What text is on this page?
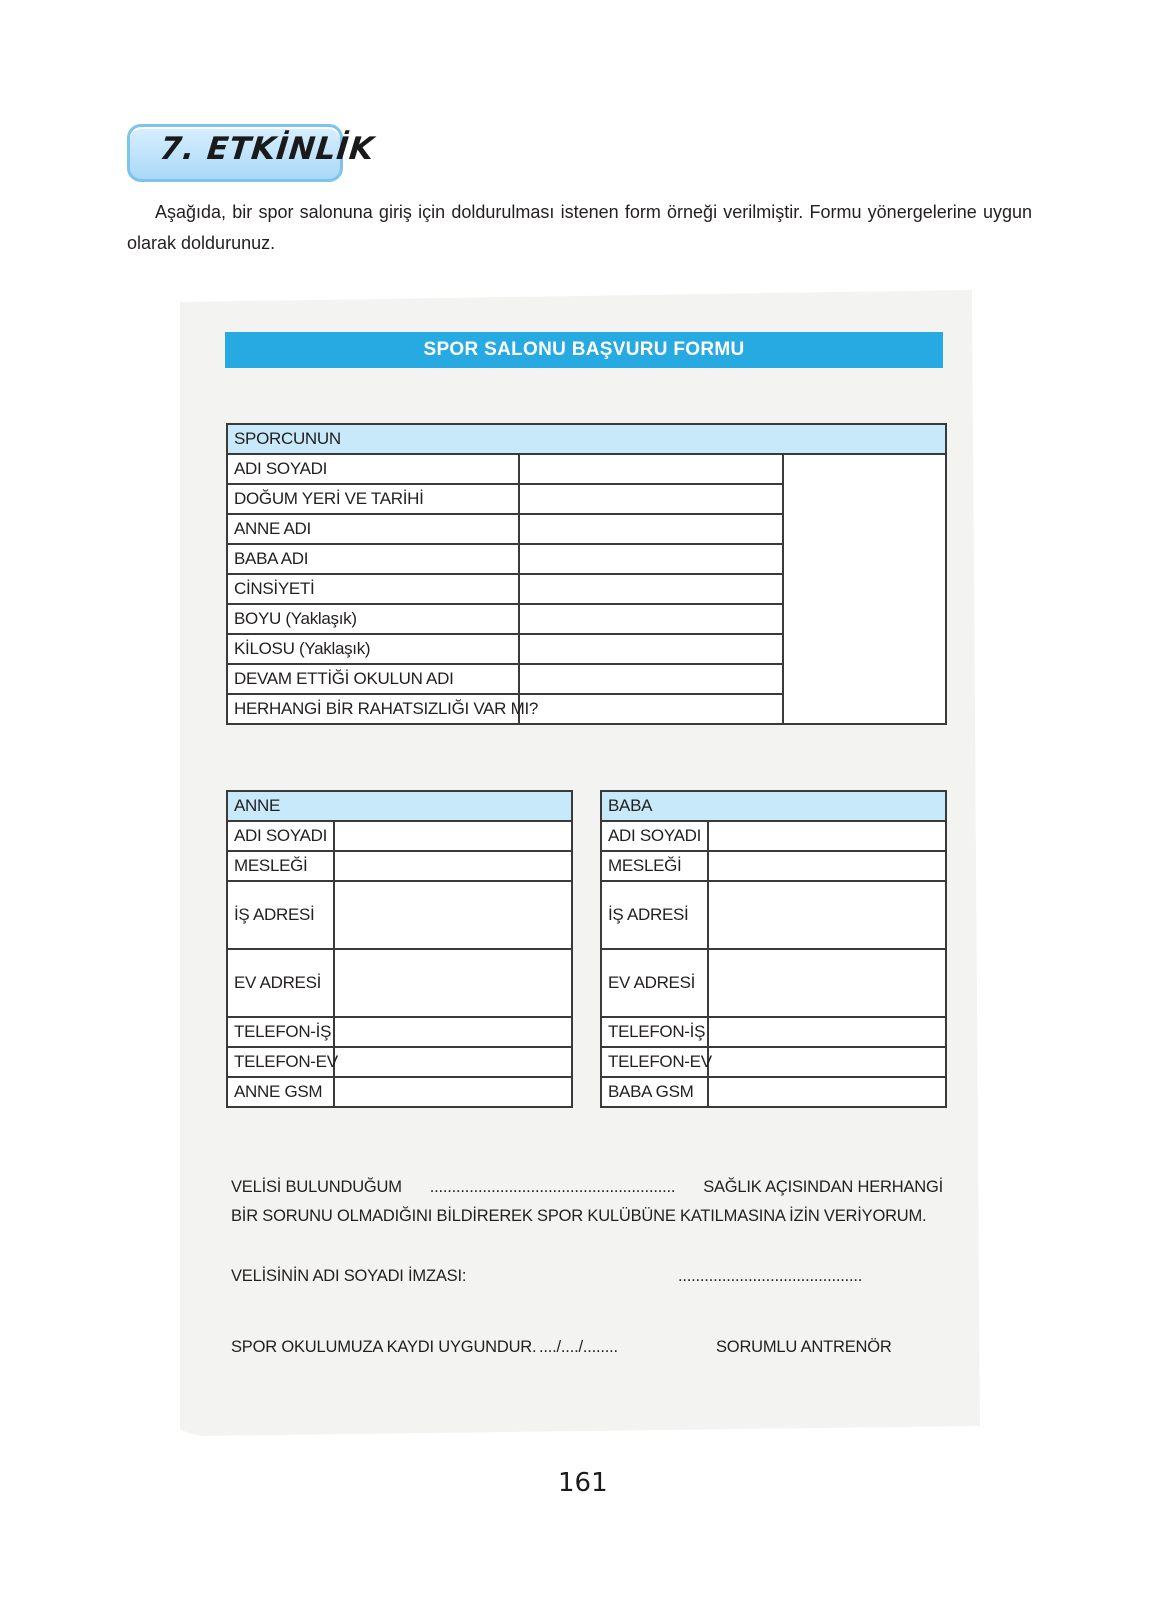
7. ETKİNLİK
Aşağıda, bir spor salonuna giriş için doldurulması istenen form örneği verilmiştir. Formu yönergelerine uygun olarak doldurunuz.
SPOR SALONU BAŞVURU FORMU
SPORCUNUN		
ADI SOYADI		
DOĞUM YERİ VE TARİHİ		
ANNE ADI		
BABA ADI		
CİNSİYETİ		
BOYU (Yaklaşık)		
KİLOSU (Yaklaşık)		
DEVAM ETTİĞİ OKULUN ADI		
HERHANGİ BİR RAHATSIZLIĞI VAR MI?		
ANNE	
ADI SOYADI	
MESLEĞİ	
İŞ ADRESİ	
EV ADRESİ	
TELEFON-İŞ	
TELEFON-EV	
ANNE GSM	
BABA	
ADI SOYADI	
MESLEĞİ	
İŞ ADRESİ	
EV ADRESİ	
TELEFON-İŞ	
TELEFON-EV	
BABA GSM	
VELİSİ BULUNDUĞUM ........................................................ SAĞLIK AÇISINDAN HERHANGİ
BİR SORUNU OLMADIĞINI BİLDİREREK SPOR KULÜBÜNE KATILMASINA İZİN VERİYORUM.
VELİSİNİN ADI SOYADI İMZASI:	..........................................
SPOR OKULUMUZA KAYDI UYGUNDUR. ..../..../........	SORUMLU ANTRENÖR
161
